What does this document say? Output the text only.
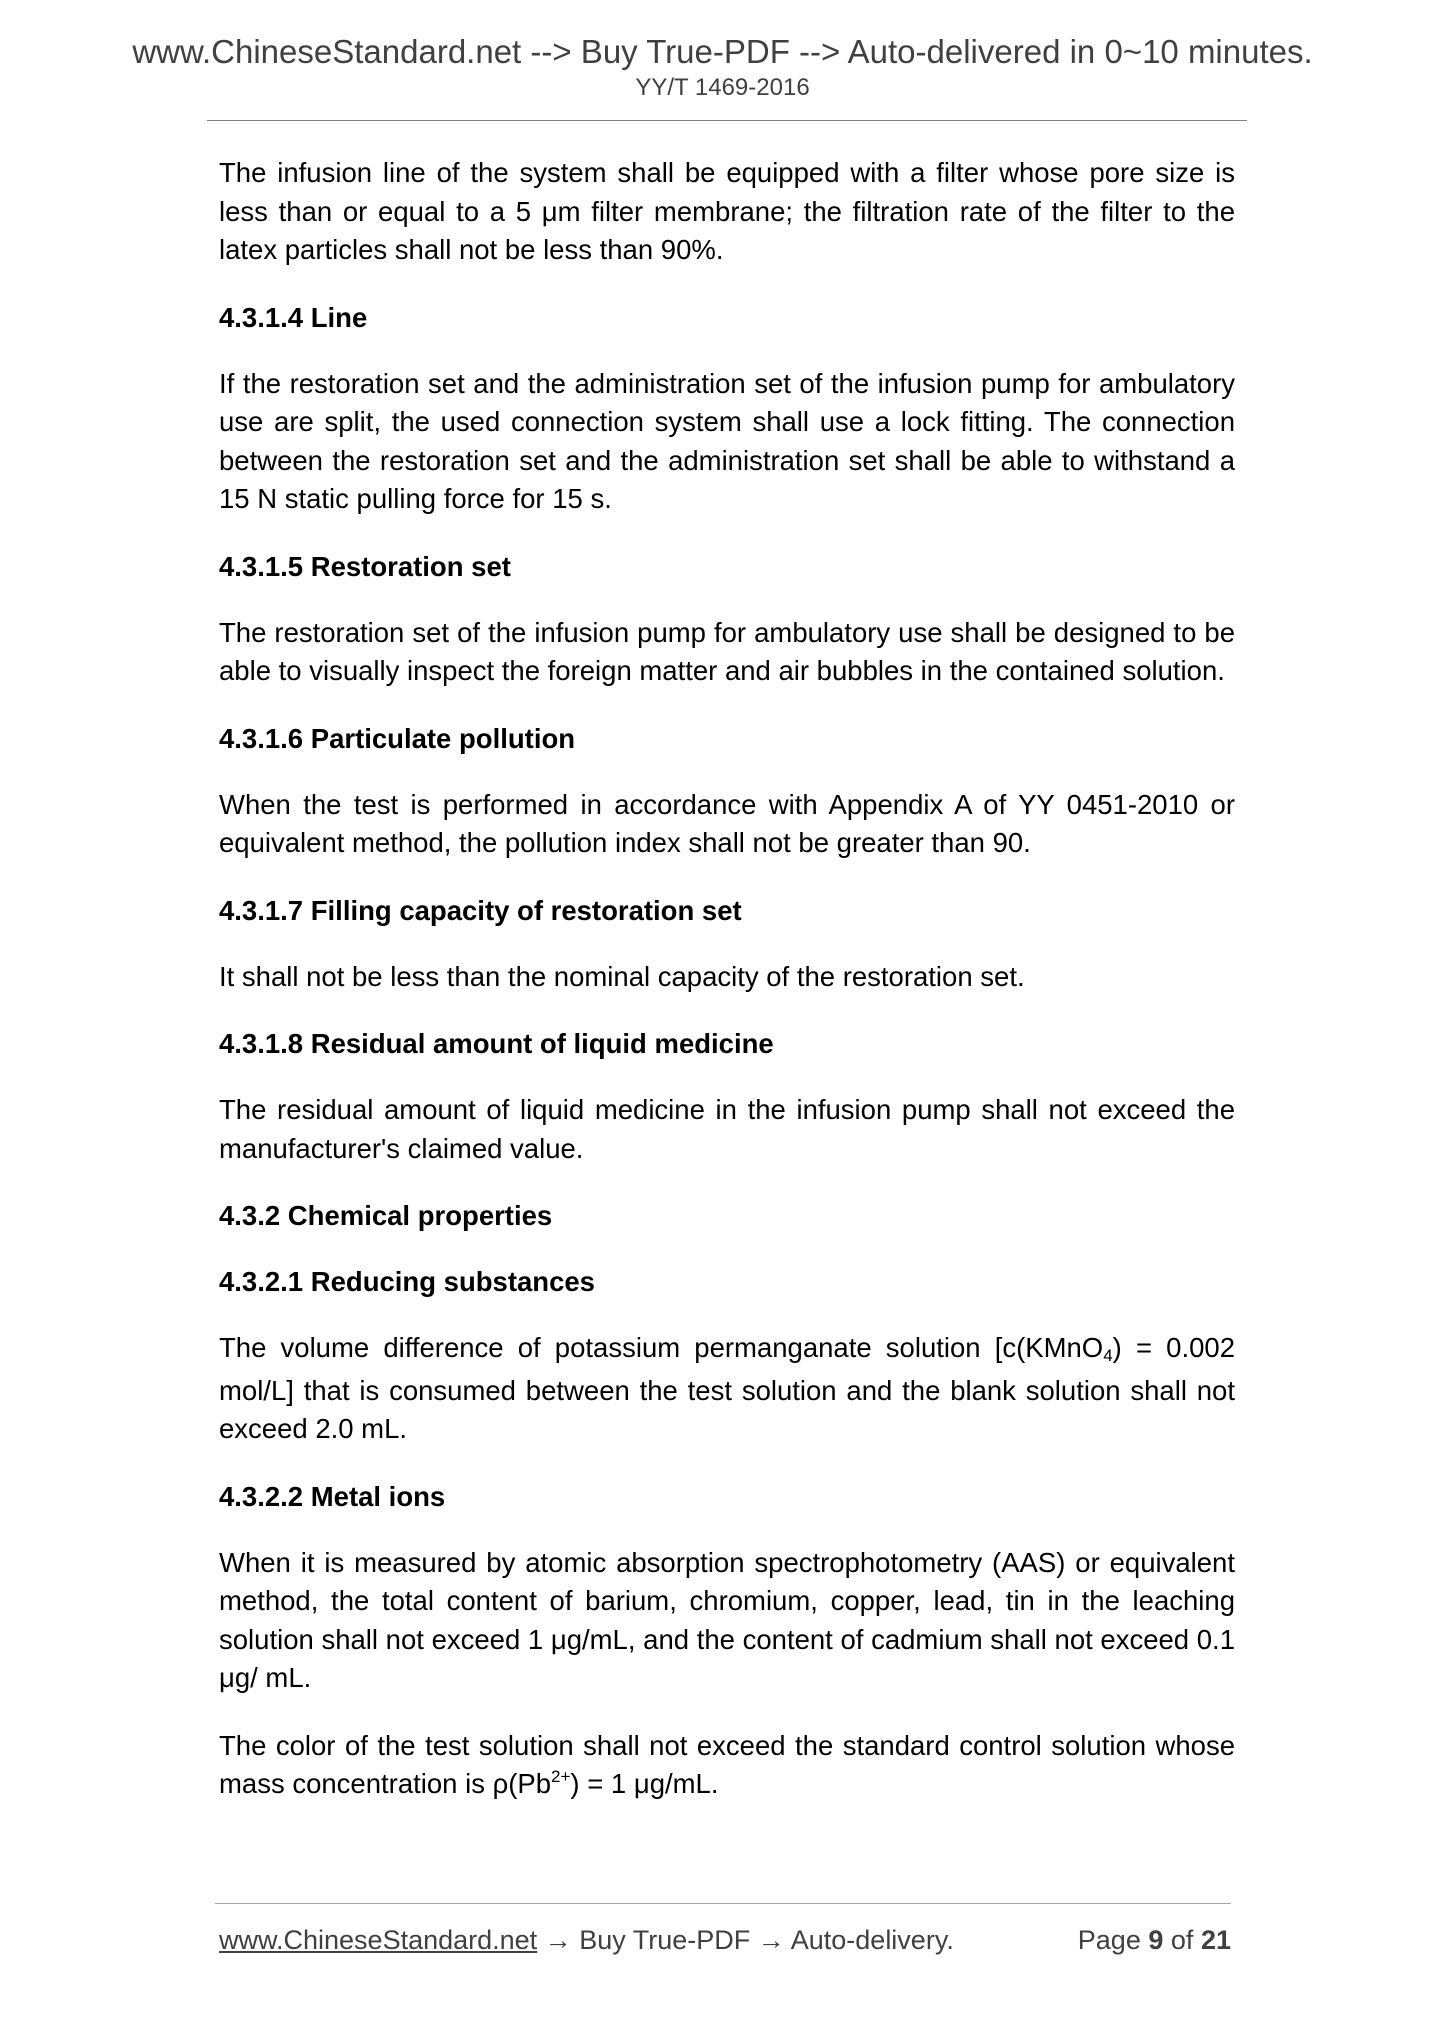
www.ChineseStandard.net --> Buy True-PDF --> Auto-delivered in 0~10 minutes.
YY/T 1469-2016

The infusion line of the system shall be equipped with a filter whose pore size is less than or equal to a 5 μm filter membrane; the filtration rate of the filter to the latex particles shall not be less than 90%.

4.3.1.4 Line

If the restoration set and the administration set of the infusion pump for ambulatory use are split, the used connection system shall use a lock fitting. The connection between the restoration set and the administration set shall be able to withstand a 15 N static pulling force for 15 s.

4.3.1.5 Restoration set

The restoration set of the infusion pump for ambulatory use shall be designed to be able to visually inspect the foreign matter and air bubbles in the contained solution.

4.3.1.6 Particulate pollution

When the test is performed in accordance with Appendix A of YY 0451-2010 or equivalent method, the pollution index shall not be greater than 90.

4.3.1.7 Filling capacity of restoration set

It shall not be less than the nominal capacity of the restoration set.

4.3.1.8 Residual amount of liquid medicine

The residual amount of liquid medicine in the infusion pump shall not exceed the manufacturer's claimed value.

4.3.2 Chemical properties
4.3.2.1 Reducing substances

The volume difference of potassium permanganate solution [c(KMnO4) = 0.002 mol/L] that is consumed between the test solution and the blank solution shall not exceed 2.0 mL.

4.3.2.2 Metal ions

When it is measured by atomic absorption spectrophotometry (AAS) or equivalent method, the total content of barium, chromium, copper, lead, tin in the leaching solution shall not exceed 1 μg/mL, and the content of cadmium shall not exceed 0.1 μg/ mL.

The color of the test solution shall not exceed the standard control solution whose mass concentration is $\rho(Pb^{2+}) = 1$ μg/mL.

www.ChineseStandard.net → Buy True-PDF → Auto-delivery.	Page 9 of 21
